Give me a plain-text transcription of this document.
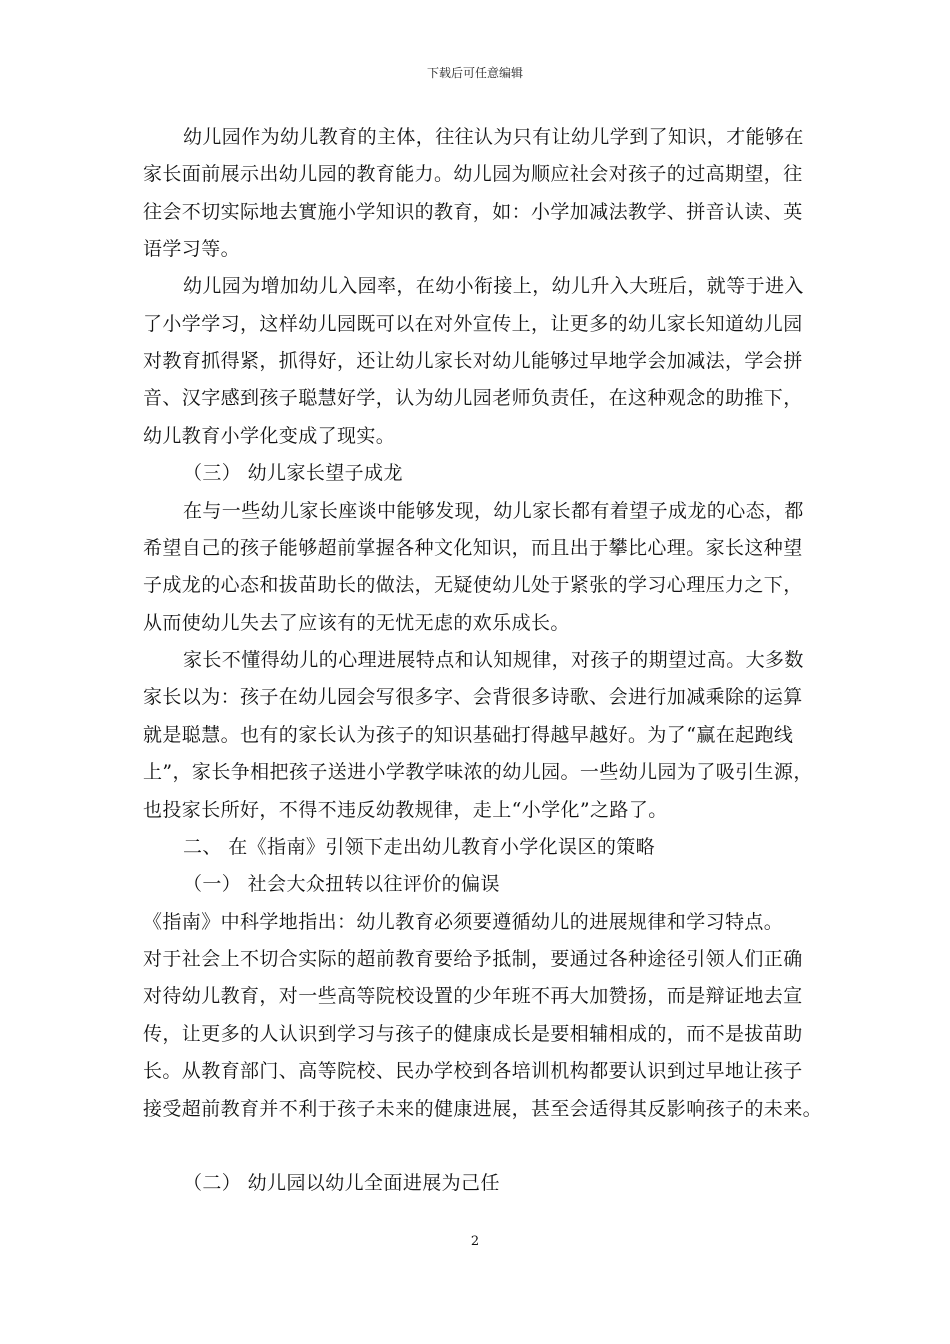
下载后可任意编辑
幼儿园作为幼儿教育的主体，往往认为只有让幼儿学到了知识，才能够在
家长面前展示出幼儿园的教育能力。幼儿园为顺应社会对孩子的过高期望，往
往会不切实际地去實施小学知识的教育，如：小学加减法教学、拼音认读、英
语学习等。
幼儿园为增加幼儿入园率，在幼小衔接上，幼儿升入大班后，就等于进入
了小学学习，这样幼儿园既可以在对外宣传上，让更多的幼儿家长知道幼儿园
对教育抓得紧，抓得好，还让幼儿家长对幼儿能够过早地学会加减法，学会拼
音、汉字感到孩子聪慧好学，认为幼儿园老师负责任，在这种观念的助推下，
幼儿教育小学化变成了现实。
（三） 幼儿家长望子成龙
在与一些幼儿家长座谈中能够发现，幼儿家长都有着望子成龙的心态，都
希望自己的孩子能够超前掌握各种文化知识，而且出于攀比心理。家长这种望
子成龙的心态和拔苗助长的做法，无疑使幼儿处于紧张的学习心理压力之下，
从而使幼儿失去了应该有的无忧无虑的欢乐成长。
家长不懂得幼儿的心理进展特点和认知规律，对孩子的期望过高。大多数
家长以为：孩子在幼儿园会写很多字、会背很多诗歌、会进行加减乘除的运算
就是聪慧。也有的家长认为孩子的知识基础打得越早越好。为了“赢在起跑线
上”，家长争相把孩子送进小学教学味浓的幼儿园。一些幼儿园为了吸引生源，
也投家长所好，不得不违反幼教规律，走上“小学化”之路了。
二、 在《指南》引领下走出幼儿教育小学化误区的策略
（一） 社会大众扭转以往评价的偏误
《指南》中科学地指出：幼儿教育必须要遵循幼儿的进展规律和学习特点。
对于社会上不切合实际的超前教育要给予抵制，要通过各种途径引领人们正确
对待幼儿教育，对一些高等院校设置的少年班不再大加赞扬，而是辩证地去宣
传，让更多的人认识到学习与孩子的健康成长是要相辅相成的，而不是拔苗助
长。从教育部门、高等院校、民办学校到各培训机构都要认识到过早地让孩子
接受超前教育并不利于孩子未来的健康进展，甚至会适得其反影响孩子的未来。
（二） 幼儿园以幼儿全面进展为己任
2
